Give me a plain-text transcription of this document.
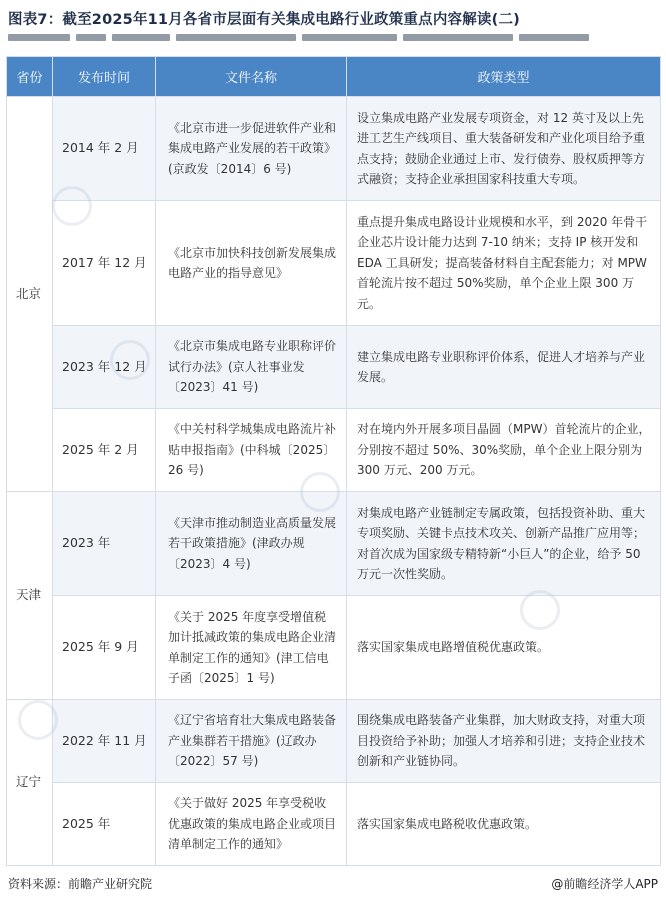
图表7：截至2025年11月各省市层面有关集成电路行业政策重点内容解读(二)
省份	发布时间	文件名称	政策类型
北京	2014 年 2 月	《北京市进一步促进软件产业和集成电路产业发展的若干政策》(京政发〔2014〕6 号)	设立集成电路产业发展专项资金，对 12 英寸及以上先进工艺生产线项目、重大装备研发和产业化项目给予重点支持；鼓励企业通过上市、发行债券、股权质押等方式融资；支持企业承担国家科技重大专项。
	2017 年 12 月	《北京市加快科技创新发展集成电路产业的指导意见》	重点提升集成电路设计业规模和水平，到 2020 年骨干企业芯片设计能力达到 7-10 纳米；支持 IP 核开发和 EDA 工具研发；提高装备材料自主配套能力；对 MPW 首轮流片按不超过 50%奖励，单个企业上限 300 万元。
	2023 年 12 月	《北京市集成电路专业职称评价试行办法》(京人社事业发〔2023〕41 号)	建立集成电路专业职称评价体系，促进人才培养与产业发展。
	2025 年 2 月	《中关村科学城集成电路流片补贴申报指南》(中科城〔2025〕26 号)	对在境内外开展多项目晶圆（MPW）首轮流片的企业，分别按不超过 50%、30%奖励，单个企业上限分别为 300 万元、200 万元。
天津	2023 年	《天津市推动制造业高质量发展若干政策措施》(津政办规〔2023〕4 号)	对集成电路产业链制定专属政策，包括投资补助、重大专项奖励、关键卡点技术攻关、创新产品推广应用等；对首次成为国家级专精特新“小巨人”的企业，给予 50 万元一次性奖励。
	2025 年 9 月	《关于 2025 年度享受增值税加计抵减政策的集成电路企业清单制定工作的通知》(津工信电子函〔2025〕1 号)	落实国家集成电路增值税优惠政策。
辽宁	2022 年 11 月	《辽宁省培育壮大集成电路装备产业集群若干措施》(辽政办〔2022〕57 号)	围绕集成电路装备产业集群，加大财政支持，对重大项目投资给予补助；加强人才培养和引进；支持企业技术创新和产业链协同。
	2025 年	《关于做好 2025 年享受税收优惠政策的集成电路企业或项目清单制定工作的通知》	落实国家集成电路税收优惠政策。
资料来源：前瞻产业研究院	@前瞻经济学人APP
